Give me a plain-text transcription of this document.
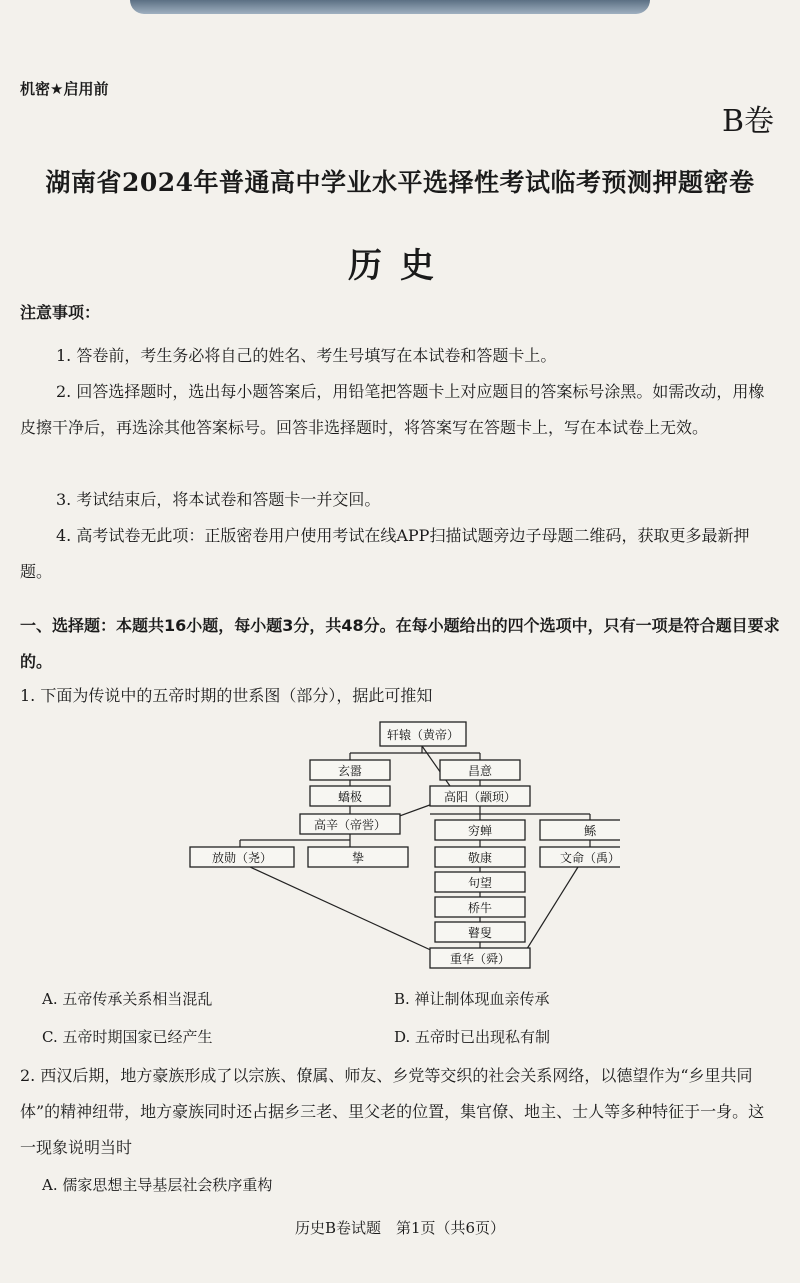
机密★启用前
B卷
湖南省2024年普通高中学业水平选择性考试临考预测押题密卷
历史
注意事项：
1. 答卷前，考生务必将自己的姓名、考生号填写在本试卷和答题卡上。
2. 回答选择题时，选出每小题答案后，用铅笔把答题卡上对应题目的答案标号涂黑。如需改动，用橡皮擦干净后，再选涂其他答案标号。回答非选择题时，将答案写在答题卡上，写在本试卷上无效。
3. 考试结束后，将本试卷和答题卡一并交回。
4. 高考试卷无此项：正版密卷用户使用考试在线APP扫描试题旁边子母题二维码，获取更多最新押题。
一、选择题：本题共16小题，每小题3分，共48分。在每小题给出的四个选项中，只有一项是符合题目要求的。
1. 下面为传说中的五帝时期的世系图（部分），据此可推知
轩辕（黄帝）
玄嚣	昌意
蟜极	高阳（颛顼）
高辛（帝喾）	穷蝉	鲧
放勋（尧）	挚	敬康	文命（禹）
句望
桥牛
瞽叟
重华（舜）
A. 五帝传承关系相当混乱	B. 禅让制体现血亲传承
C. 五帝时期国家已经产生	D. 五帝时已出现私有制
2. 西汉后期，地方豪族形成了以宗族、僚属、师友、乡党等交织的社会关系网络，以德望作为“乡里共同体”的精神纽带，地方豪族同时还占据乡三老、里父老的位置，集官僚、地主、士人等多种特征于一身。这一现象说明当时
A. 儒家思想主导基层社会秩序重构
历史B卷试题　第1页（共6页）
